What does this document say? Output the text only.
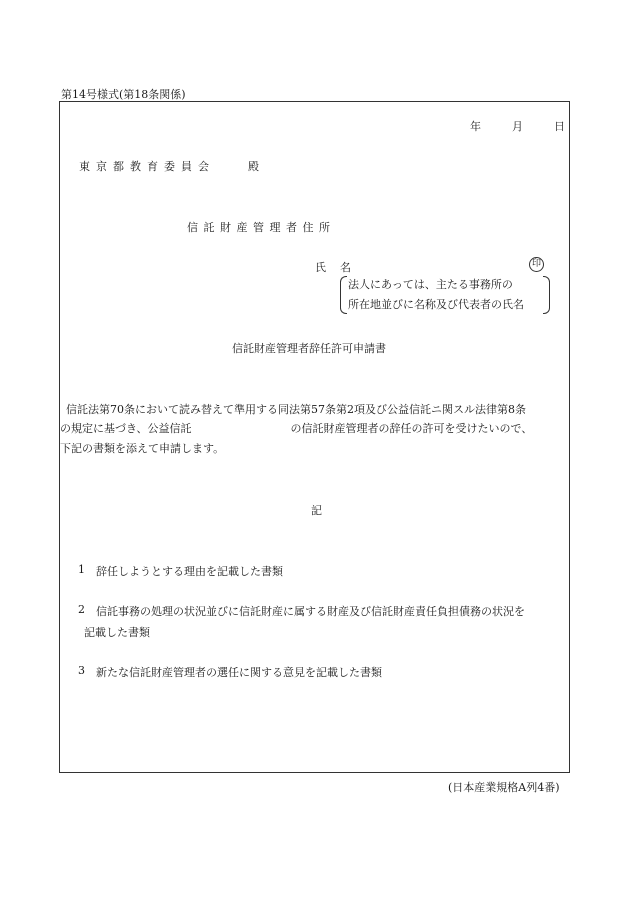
第14号様式(第18条関係)
年	月	日
東京都教育委員会	殿
信託財産管理者住所
氏名	印
法人にあっては、主たる事務所の
所在地並びに名称及び代表者の氏名
信託財産管理者辞任許可申請書
信託法第70条において読み替えて準用する同法第57条第2項及び公益信託ニ関スル法律第8条
の規定に基づき、公益信託　　　　　　　　　の信託財産管理者の辞任の許可を受けたいので、
下記の書類を添えて申請します。
記
1 辞任しようとする理由を記載した書類
2 信託事務の処理の状況並びに信託財産に属する財産及び信託財産責任負担債務の状況を
記載した書類
3 新たな信託財産管理者の選任に関する意見を記載した書類
(日本産業規格A列4番)
